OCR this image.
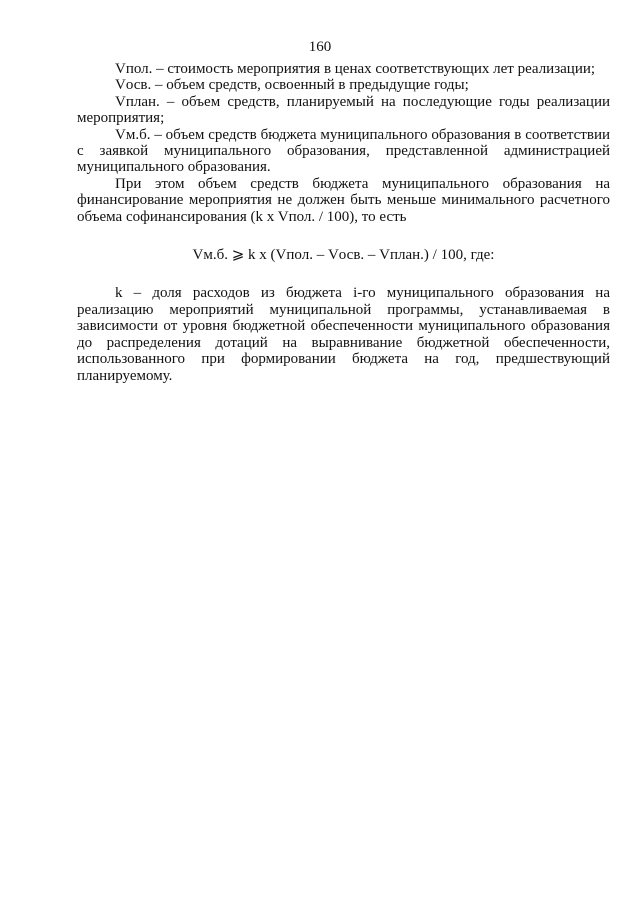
160

Vпол. – стоимость мероприятия в ценах соответствующих лет реализации;

Vосв. – объем средств, освоенный в предыдущие годы;

Vплан. – объем средств, планируемый на последующие годы реализации мероприятия;

Vм.б. – объем средств бюджета муниципального образования в соответствии с заявкой муниципального образования, представленной администрацией муниципального образования.

При этом объем средств бюджета муниципального образования на финансирование мероприятия не должен быть меньше минимального расчетного объема софинансирования (k x Vпол. / 100), то есть

Vм.б. ⩾ k x (Vпол. – Vосв. – Vплан.) / 100, где:

k – доля расходов из бюджета i-го муниципального образования на реализацию мероприятий муниципальной программы, устанавливаемая в зависимости от уровня бюджетной обеспеченности муниципального образования до распределения дотаций на выравнивание бюджетной обеспеченности, использованного при формировании бюджета на год, предшествующий планируемому.
